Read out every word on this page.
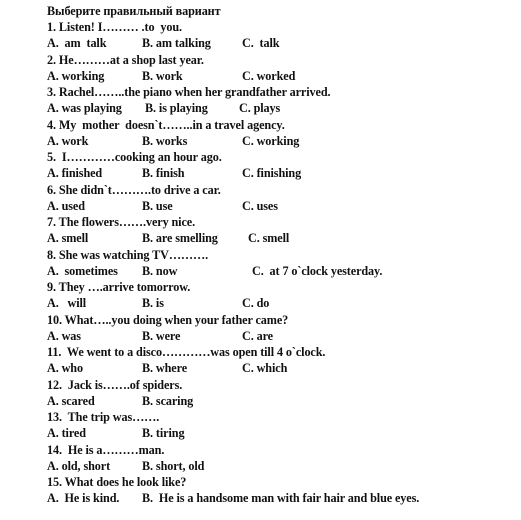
Выберите правильный вариант
1. Listen! I……… .to  you.
A.  am  talk	B. am talking	C.  talk
2. He………at a shop last year.
A. working	B. work	C. worked
3. Rachel……..the piano when her grandfather arrived.
A. was playing B. is playing	C. plays
4. My  mother  doesn`t……..in a travel agency.
A. work	B. works	C. working
5.  I…………cooking an hour ago.
A. finished	B. finish	C. finishing
6. She didn`t……….to drive a car.
A. used	B. use	C. uses
7. The flowers…….very nice.
A. smell	B. are smelling C. smell
8. She was watching TV……….
A.  sometimes B. now	C.  at 7 o`clock yesterday.
9. They ….arrive tomorrow.
A.   will	B. is	C. do
10. What…..you doing when your father came?
A. was	B. were	C. are
11.  We went to a disco…………was open till 4 o`clock.
A. who	B. where	C. which
12.  Jack is…….of spiders.
A. scared	B. scaring
13.  The trip was…….
A. tired	B. tiring
14.  He is a………man.
A. old, short	B. short, old
15. What does he look like?
A.  He is kind. B.  He is a handsome man with fair hair and blue eyes.
